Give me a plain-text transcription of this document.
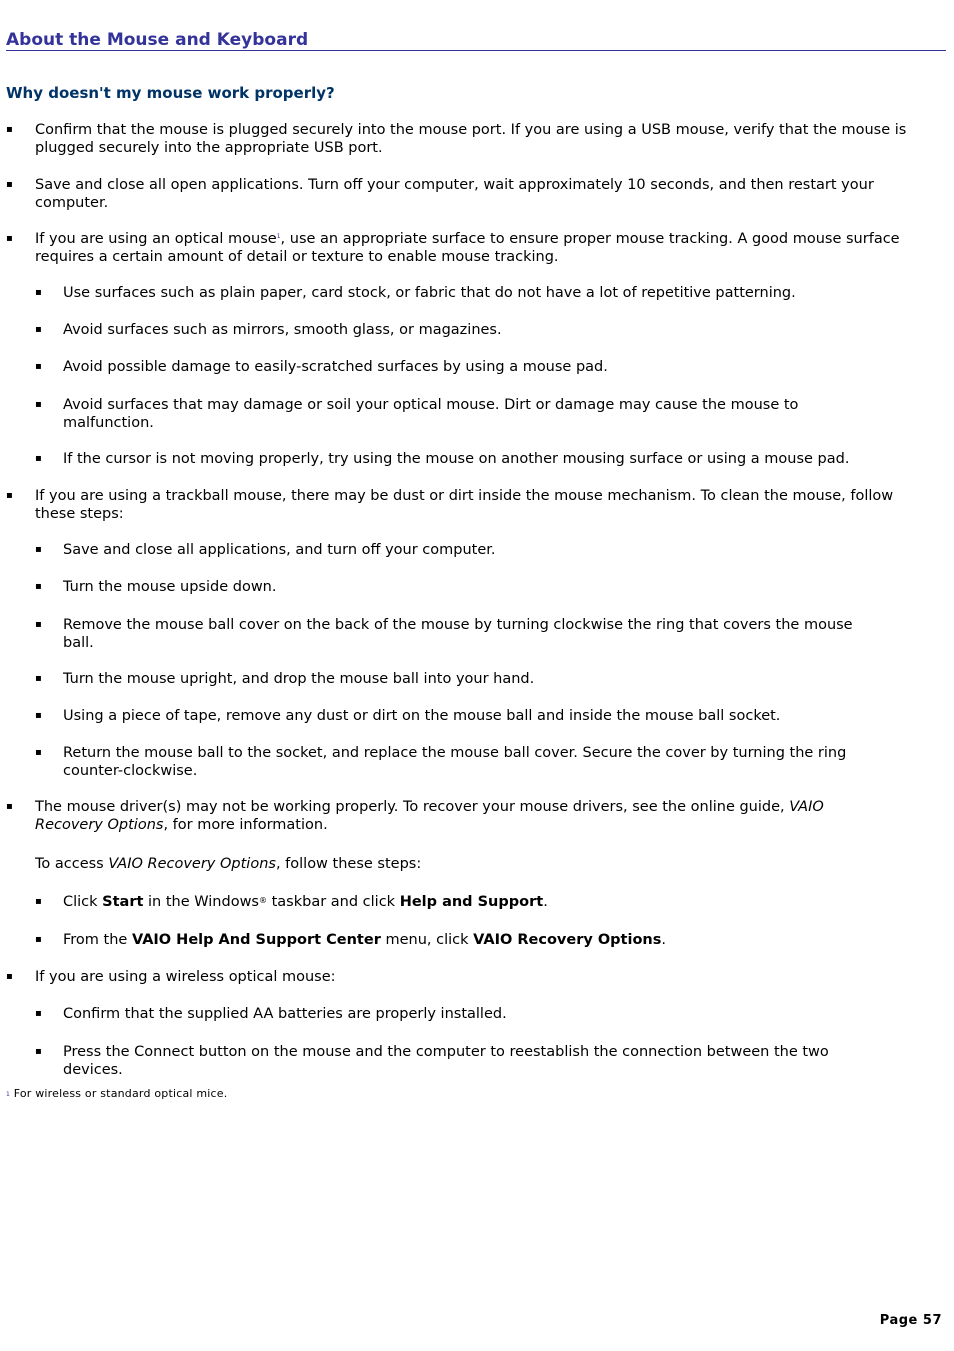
About the Mouse and Keyboard
Why doesn't my mouse work properly?
▪ Confirm that the mouse is plugged securely into the mouse port. If you are using a USB mouse, verify that the mouse is plugged securely into the appropriate USB port.
▪ Save and close all open applications. Turn off your computer, wait approximately 10 seconds, and then restart your computer.
▪ If you are using an optical mouse$^1$, use an appropriate surface to ensure proper mouse tracking. A good mouse surface requires a certain amount of detail or texture to enable mouse tracking.
▪ Use surfaces such as plain paper, card stock, or fabric that do not have a lot of repetitive patterning.
▪ Avoid surfaces such as mirrors, smooth glass, or magazines.
▪ Avoid possible damage to easily-scratched surfaces by using a mouse pad.
▪ Avoid surfaces that may damage or soil your optical mouse. Dirt or damage may cause the mouse to malfunction.
▪ If the cursor is not moving properly, try using the mouse on another mousing surface or using a mouse pad.
▪ If you are using a trackball mouse, there may be dust or dirt inside the mouse mechanism. To clean the mouse, follow these steps:
▪ Save and close all applications, and turn off your computer.
▪ Turn the mouse upside down.
▪ Remove the mouse ball cover on the back of the mouse by turning clockwise the ring that covers the mouse ball.
▪ Turn the mouse upright, and drop the mouse ball into your hand.
▪ Using a piece of tape, remove any dust or dirt on the mouse ball and inside the mouse ball socket.
▪ Return the mouse ball to the socket, and replace the mouse ball cover. Secure the cover by turning the ring counter-clockwise.
▪ The mouse driver(s) may not be working properly. To recover your mouse drivers, see the online guide, VAIO Recovery Options, for more information.
To access VAIO Recovery Options, follow these steps:
▪ Click Start in the Windows® taskbar and click Help and Support.
▪ From the VAIO Help And Support Center menu, click VAIO Recovery Options.
▪ If you are using a wireless optical mouse:
▪ Confirm that the supplied AA batteries are properly installed.
▪ Press the Connect button on the mouse and the computer to reestablish the connection between the two devices.
$^1$ For wireless or standard optical mice.
Page 57
